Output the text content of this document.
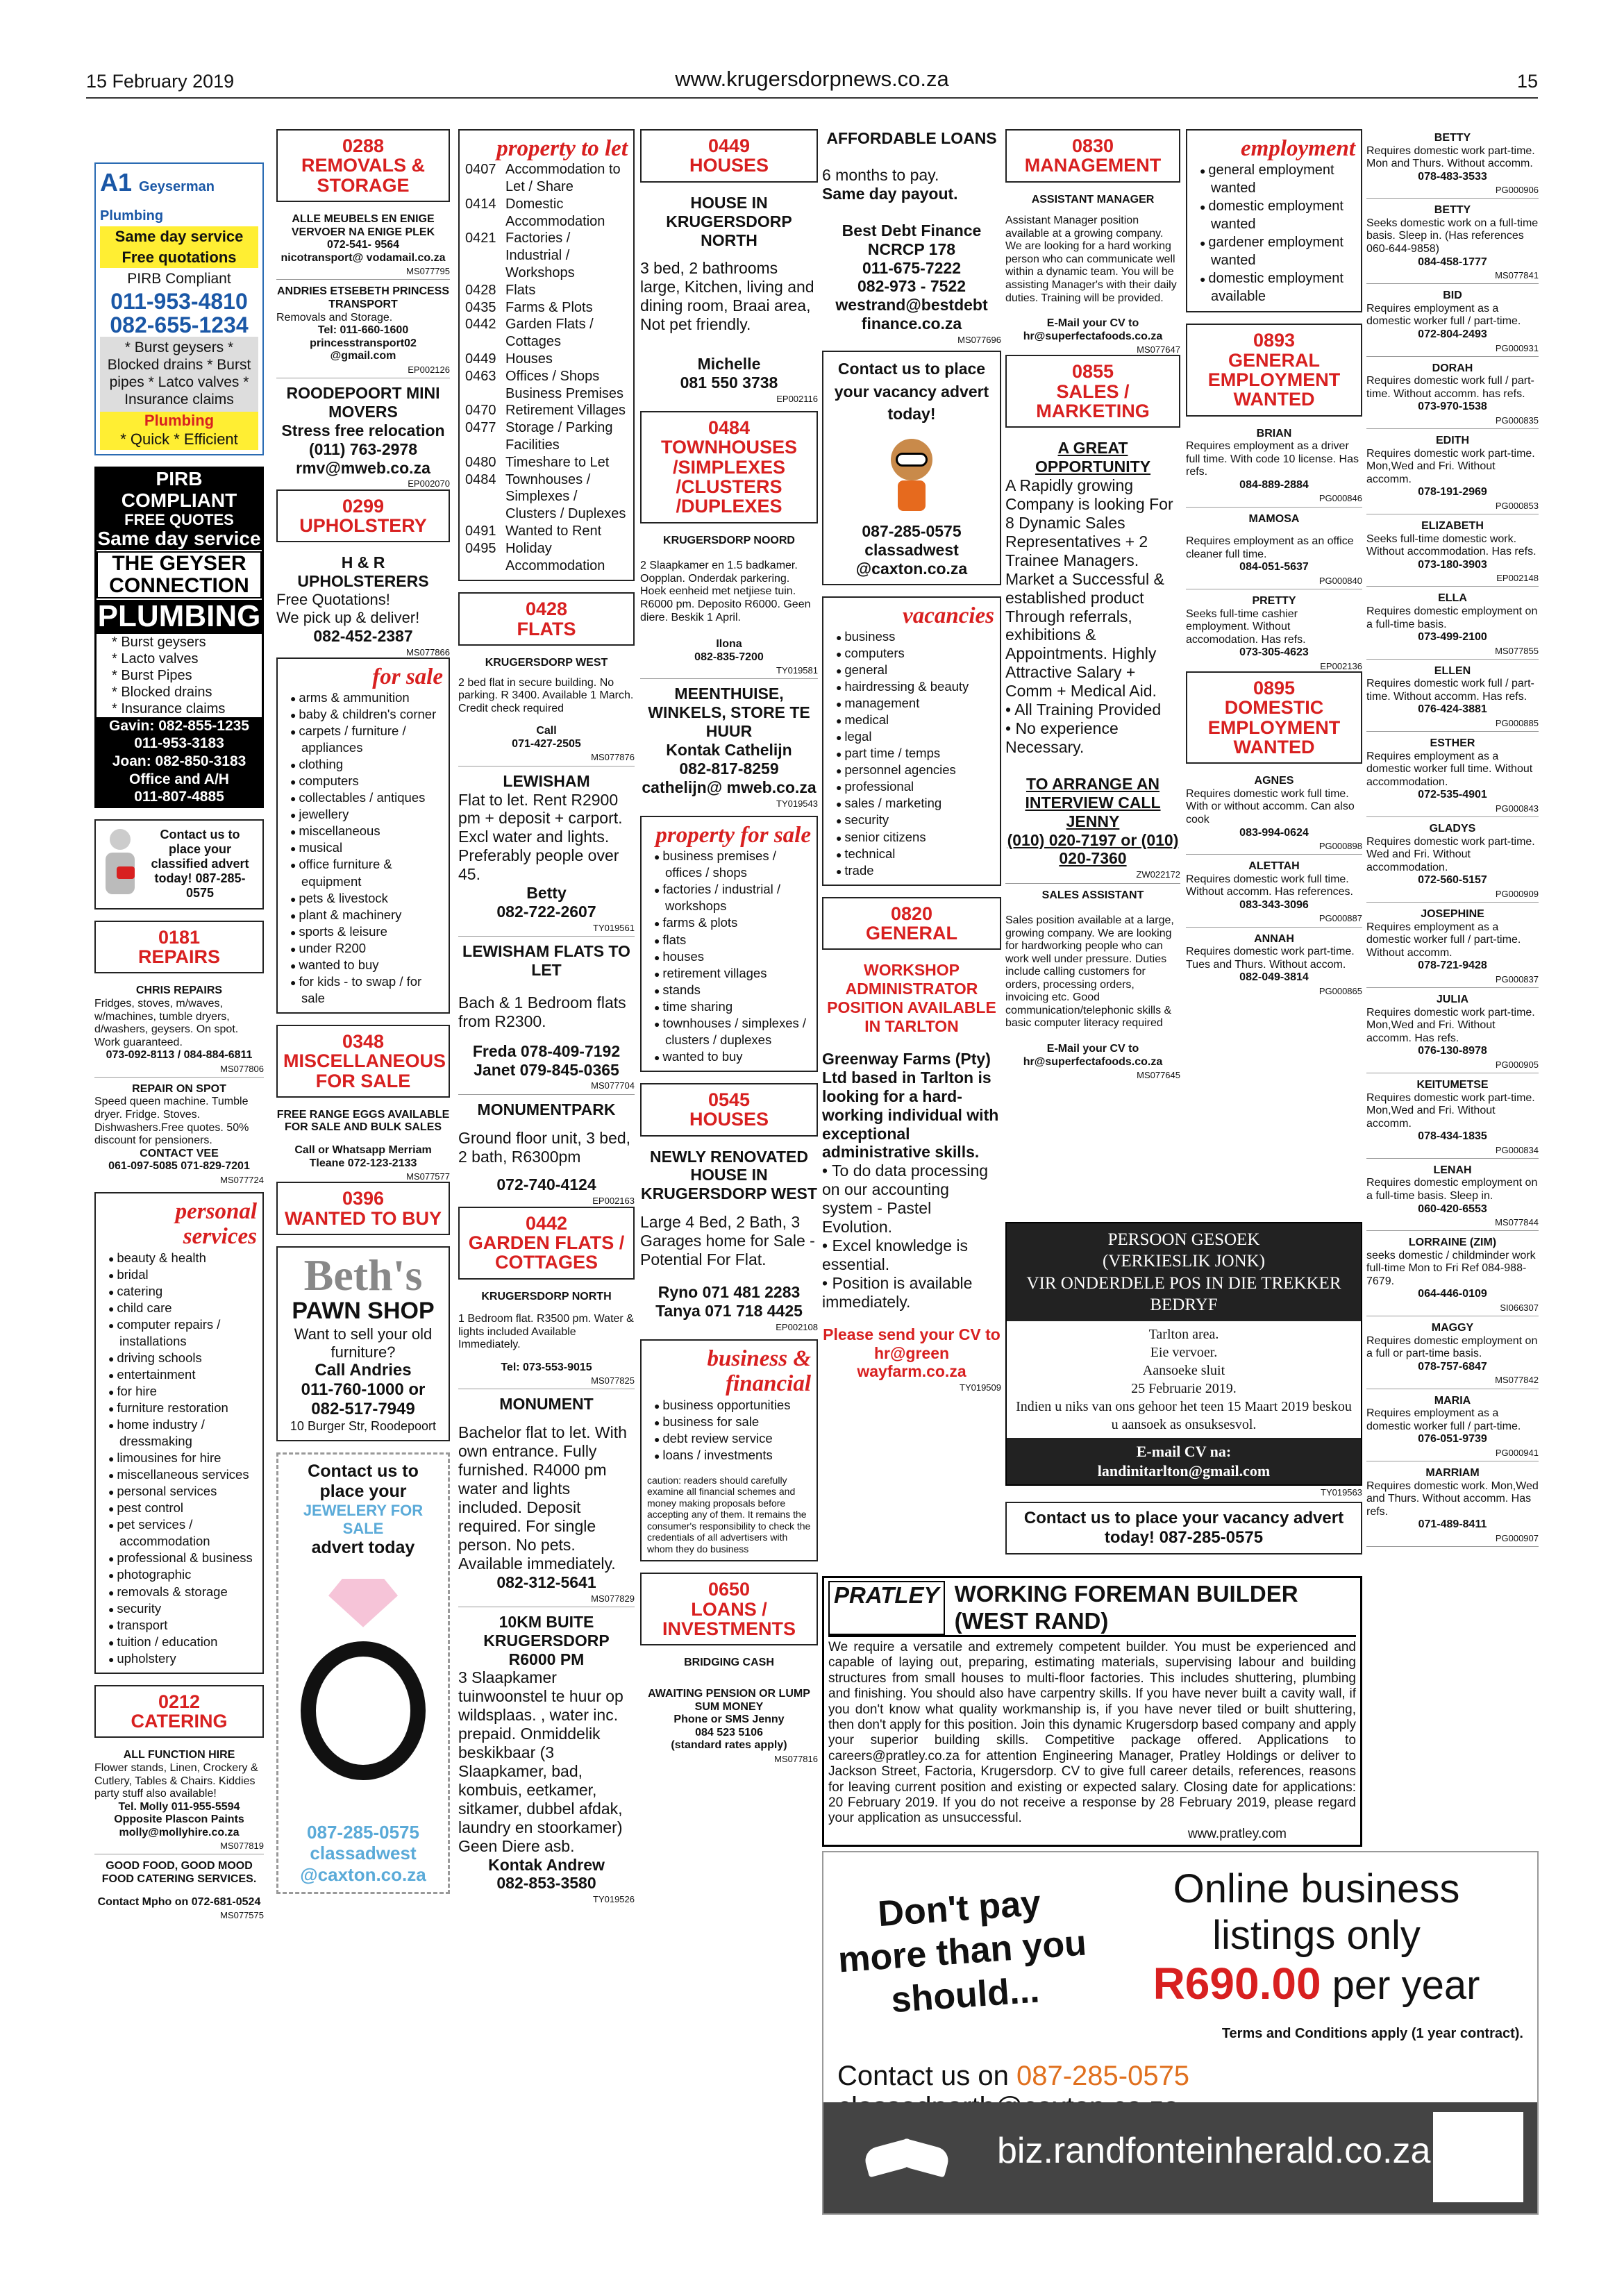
15 February 2019	www.krugersdorpnews.co.za	15
A1 Geyserman Plumbing
Same day service
Free quotations
PIRB Compliant
011-953-4810
082-655-1234
* Burst geysers * Blocked drains * Burst pipes * Latco valves * Insurance claims
Plumbing
* Quick * Efficient
PIRB COMPLIANT
FREE QUOTES
Same day service
THE GEYSER CONNECTION
PLUMBING
* Burst geysers
* Lacto valves
* Burst Pipes
* Blocked drains
* Insurance claims
Gavin: 082-855-1235
011-953-3183
Joan: 082-850-3183
Office and A/H
011-807-4885
Contact us to place your classified advert today! 087-285-0575
0181
REPAIRS
CHRIS REPAIRS
Fridges, stoves, m/waves, w/machines, tumble dryers, d/washers, geysers. On spot. Work guaranteed.
073-092-8113 / 084-884-6811
MS077806
REPAIR ON SPOT
Speed queen machine. Tumble dryer. Fridge. Stoves. Dishwashers.Free quotes. 50% discount for pensioners.
CONTACT VEE
061-097-5085 071-829-7201
MS077724
personal services
● beauty & health
● bridal
● catering
● child care
● computer repairs / installations
● driving schools
● entertainment
● for hire
● furniture restoration
● home industry / dressmaking
● limousines for hire
● miscellaneous services
● personal services
● pest control
● pet services / accommodation
● professional & business
● photographic
● removals & storage
● security
● transport
● tuition / education
● upholstery
0212
CATERING
ALL FUNCTION HIRE
Flower stands, Linen, Crockery & Cutlery, Tables & Chairs. Kiddies party stuff also available!
Tel. Molly 011-955-5594
Opposite Plascon Paints
molly@mollyhire.co.za
MS077819
GOOD FOOD, GOOD MOOD FOOD CATERING SERVICES.
Contact Mpho on 072-681-0524
MS077575
0288
REMOVALS & STORAGE
ALLE MEUBELS EN ENIGE VERVOER NA ENIGE PLEK
072-541- 9564
nicotransport@ vodamail.co.za
MS077795
ANDRIES ETSEBETH PRINCESS TRANSPORT
Removals and Storage.
Tel: 011-660-1600
princesstransport02 @gmail.com
EP002126
ROODEPOORT MINI MOVERS
Stress free relocation
(011) 763-2978
rmv@mweb.co.za
EP002070
0299
UPHOLSTERY
H & R UPHOLSTERERS
Free Quotations!
We pick up & deliver!
082-452-2387
MS077866
for sale
● arms & ammunition
● baby & children's corner
● carpets / furniture / appliances
● clothing
● computers
● collectables / antiques
● jewellery
● miscellaneous
● musical
● office furniture & equipment
● pets & livestock
● plant & machinery
● sports & leisure
● under R200
● wanted to buy
● for kids - to swap / for sale
0348
MISCELLANEOUS FOR SALE
FREE RANGE EGGS AVAILABLE FOR SALE AND BULK SALES
Call or Whatsapp Merriam Tleane 072-123-2133
MS077577
0396
WANTED TO BUY
Beth's
PAWN SHOP
Want to sell your old furniture?
Call Andries
011-760-1000 or 082-517-7949
10 Burger Str, Roodepoort
Contact us to place your
JEWELERY FOR SALE
advert today
087-285-0575
classadwest
@caxton.co.za
property to let
0407 Accommodation to Let / Share
0414 Domestic Accommodation
0421 Factories / Industrial / Workshops
0428 Flats
0435 Farms & Plots
0442 Garden Flats / Cottages
0449 Houses
0463 Offices / Shops Business Premises
0470 Retirement Villages
0477 Storage / Parking Facilities
0480 Timeshare to Let
0484 Townhouses / Simplexes / Clusters / Duplexes
0491 Wanted to Rent
0495 Holiday Accommodation
0428
FLATS
KRUGERSDORP WEST
2 bed flat in secure building. No parking. R 3400. Available 1 March. Credit check required
Call
071-427-2505
MS077876
LEWISHAM
Flat to let. Rent R2900 pm + deposit + carport. Excl water and lights. Preferably people over 45.
Betty
082-722-2607
TY019561
LEWISHAM FLATS TO LET
Bach & 1 Bedroom flats from R2300.
Freda 078-409-7192 Janet 079-845-0365
MS077704
MONUMENTPARK
Ground floor unit, 3 bed, 2 bath, R6300pm
072-740-4124
EP002163
0442
GARDEN FLATS / COTTAGES
KRUGERSDORP NORTH
1 Bedroom flat. R3500 pm. Water & lights included Available Immediately.
Tel: 073-553-9015
MS077825
MONUMENT
Bachelor flat to let. With own entrance. Fully furnished. R4000 pm water and lights included. Deposit required. For single person. No pets. Available immediately.
082-312-5641
MS077829
10KM BUITE KRUGERSDORP R6000 PM
3 Slaapkamer tuinwoonstel te huur op wildsplaas. , water inc. prepaid. Onmiddelik beskikbaar (3 Slaapkamer, bad, kombuis, eetkamer, sitkamer, dubbel afdak, laundry en stoorkamer) Geen Diere asb.
Kontak Andrew
082-853-3580
TY019526
0449
HOUSES
HOUSE IN KRUGERSDORP NORTH
3 bed, 2 bathrooms large, Kitchen, living and dining room, Braai area, Not pet friendly.
Michelle
081 550 3738
EP002116
0484
TOWNHOUSES /SIMPLEXES /CLUSTERS /DUPLEXES
KRUGERSDORP NOORD
2 Slaapkamer en 1.5 badkamer. Oopplan. Onderdak parkering. Hoek eenheid met netjiese tuin. R6000 pm. Deposito R6000. Geen diere. Beskik 1 April.
Ilona
082-835-7200
TY019581
MEENTHUISE, WINKELS, STORE TE HUUR
Kontak Cathelijn
082-817-8259
cathelijn@ mweb.co.za
TY019543
property for sale
● business premises / offices / shops
● factories / industrial / workshops
● farms & plots
● flats
● houses
● retirement villages
● stands
● time sharing
● townhouses / simplexes / clusters / duplexes
● wanted to buy
0545
HOUSES
NEWLY RENOVATED HOUSE IN KRUGERSDORP WEST
Large 4 Bed, 2 Bath, 3 Garages home for Sale - Potential For Flat.
Ryno 071 481 2283 Tanya 071 718 4425
EP002108
business & financial
● business opportunities
● business for sale
● debt review service
● loans / investments
caution: readers should carefully examine all financial schemes and money making proposals before accepting any of them. It remains the consumer's responsibility to check the credentials of all advertisers with whom they do business
0650
LOANS / INVESTMENTS
BRIDGING CASH
AWAITING PENSION OR LUMP SUM MONEY
Phone or SMS Jenny
084 523 5106
(standard rates apply)
MS077816
AFFORDABLE LOANS
6 months to pay.
Same day payout.
Best Debt Finance NCRCP 178
011-675-7222
082-973 - 7522
westrand@bestdebt finance.co.za
MS077696
Contact us to place your vacancy advert today!
087-285-0575
classadwest
@caxton.co.za
vacancies
● business
● computers
● general
● hairdressing & beauty
● management
● medical
● legal
● part time / temps
● personnel agencies
● professional
● sales / marketing
● security
● senior citizens
● technical
● trade
0820
GENERAL
WORKSHOP ADMINISTRATOR POSITION AVAILABLE IN TARLTON
Greenway Farms (Pty) Ltd based in Tarlton is looking for a hard-working individual with exceptional administrative skills.
• To do data processing on our accounting system - Pastel Evolution.
• Excel knowledge is essential.
• Position is available immediately.
Please send your CV to hr@green wayfarm.co.za
TY019509
0830
MANAGEMENT
ASSISTANT MANAGER
Assistant Manager position available at a growing company. We are looking for a hard working person who can communicate well within a dynamic team. You will be assisting Manager's with their daily duties. Training will be provided.
E-Mail your CV to hr@superfectafoods.co.za
MS077647
0855
SALES / MARKETING
A GREAT OPPORTUNITY
A Rapidly growing Company is looking For 8 Dynamic Sales Representatives + 2 Trainee Managers. Market a Successful & established product Through referrals, exhibitions & Appointments. Highly Attractive Salary + Comm + Medical Aid.
• All Training Provided
• No experience Necessary.
TO ARRANGE AN INTERVIEW CALL JENNY
(010) 020-7197 or (010) 020-7360
ZW022172
SALES ASSISTANT
Sales position available at a large, growing company. We are looking for hardworking people who can work well under pressure. Duties include calling customers for orders, processing orders, invoicing etc. Good communication/telephonic skills & basic computer literacy required
E-Mail your CV to hr@superfectafoods.co.za
MS077645
PERSOON GESOEK
(VERKIESLIK JONK)
VIR ONDERDELE POS IN DIE TREKKER BEDRYF
Tarlton area.
Eie vervoer.
Aansoeke sluit
25 Februarie 2019.
Indien u niks van ons gehoor het teen 15 Maart 2019 beskou u aansoek as onsuksesvol.
E-mail CV na:
landinitarlton@gmail.com
TY019563
Contact us to place your vacancy advert today! 087-285-0575
employment
● general employment wanted
● domestic employment wanted
● gardener employment wanted
● domestic employment available
0893
GENERAL EMPLOYMENT WANTED
BRIAN
Requires employment as a driver full time. With code 10 license. Has refs.
084-889-2884
PG000846
MAMOSA
Requires employment as an office cleaner full time.
084-051-5637
PG000840
PRETTY
Seeks full-time cashier employment. Without accomodation. Has refs.
073-305-4623
EP002136
0895
DOMESTIC EMPLOYMENT WANTED
AGNES
Requires domestic work full time. With or without accomm. Can also cook
083-994-0624
PG000898
ALETTAH
Requires domestic work full time. Without accomm. Has references.
083-343-3096
PG000887
ANNAH
Requires domestic work part-time. Tues and Thurs. Without accom.
082-049-3814
PG000865
BETTY
Requires domestic work part-time. Mon and Thurs. Without accomm.
078-483-3533
PG000906
BETTY
Seeks domestic work on a full-time basis. Sleep in. (Has references 060-644-9858)
084-458-1777
MS077841
BID
Requires employment as a domestic worker full / part-time.
072-804-2493
PG000931
DORAH
Requires domestic work full / part-time. Without accomm. has refs.
073-970-1538
PG000835
EDITH
Requires domestic work part-time. Mon,Wed and Fri. Without accomm.
078-191-2969
PG000853
ELIZABETH
Seeks full-time domestic work. Without accommodation. Has refs.
073-180-3903
EP002148
ELLA
Requires domestic employment on a full-time basis.
073-499-2100
MS077855
ELLEN
Requires domestic work full / part-time. Without accomm. Has refs.
076-424-3881
PG000885
ESTHER
Requires employment as a domestic worker full time. Without accommodation.
072-535-4901
PG000843
GLADYS
Requires domestic work part-time. Wed and Fri. Without accommodation.
072-560-5157
PG000909
JOSEPHINE
Requires employment as a domestic worker full / part-time. Without accomm.
078-721-9428
PG000837
JULIA
Requires domestic work part-time. Mon,Wed and Fri. Without accomm. Has refs.
076-130-8978
PG000905
KEITUMETSE
Requires domestic work part-time. Mon,Wed and Fri. Without accomm.
078-434-1835
PG000834
LENAH
Requires domestic employment on a full-time basis. Sleep in.
060-420-6553
MS077844
LORRAINE (ZIM)
seeks domestic / childminder work full-time Mon to Fri Ref 084-988-7679.
064-446-0109
SI066307
MAGGY
Requires domestic employment on a full or part-time basis.
078-757-6847
MS077842
MARIA
Requires employment as a domestic worker full / part-time.
076-051-9739
PG000941
MARRIAM
Requires domestic work. Mon,Wed and Thurs. Without accomm. Has refs.
071-489-8411
PG000907
PRATLEY WORKING FOREMAN BUILDER (WEST RAND)
We require a versatile and extremely competent builder. You must be experienced and capable of laying out, preparing, estimating materials, supervising labour and building structures from small houses to multi-floor factories. This includes shuttering, plumbing and finishing. You should also have carpentry skills. If you have never built a cavity wall, if you don't know what quality workmanship is, if you have never tiled or built shuttering, then don't apply for this position. Join this dynamic Krugersdorp based company and apply your superior building skills. Competitive package offered. Applications to careers@pratley.co.za for attention Engineering Manager, Pratley Holdings or deliver to Jackson Street, Factoria, Krugersdorp. CV to give full career details, references, reasons for leaving current position and existing or expected salary. Closing date for applications: 20 February 2019. If you do not receive a response by 28 February 2019, please regard your application as unsuccessful.
www.pratley.com
Don't pay more than you should...
Online business listings only
R690.00 per year
Terms and Conditions apply (1 year contract).
Contact us on 087-285-0575
biz.randfonteinherald.co.za
